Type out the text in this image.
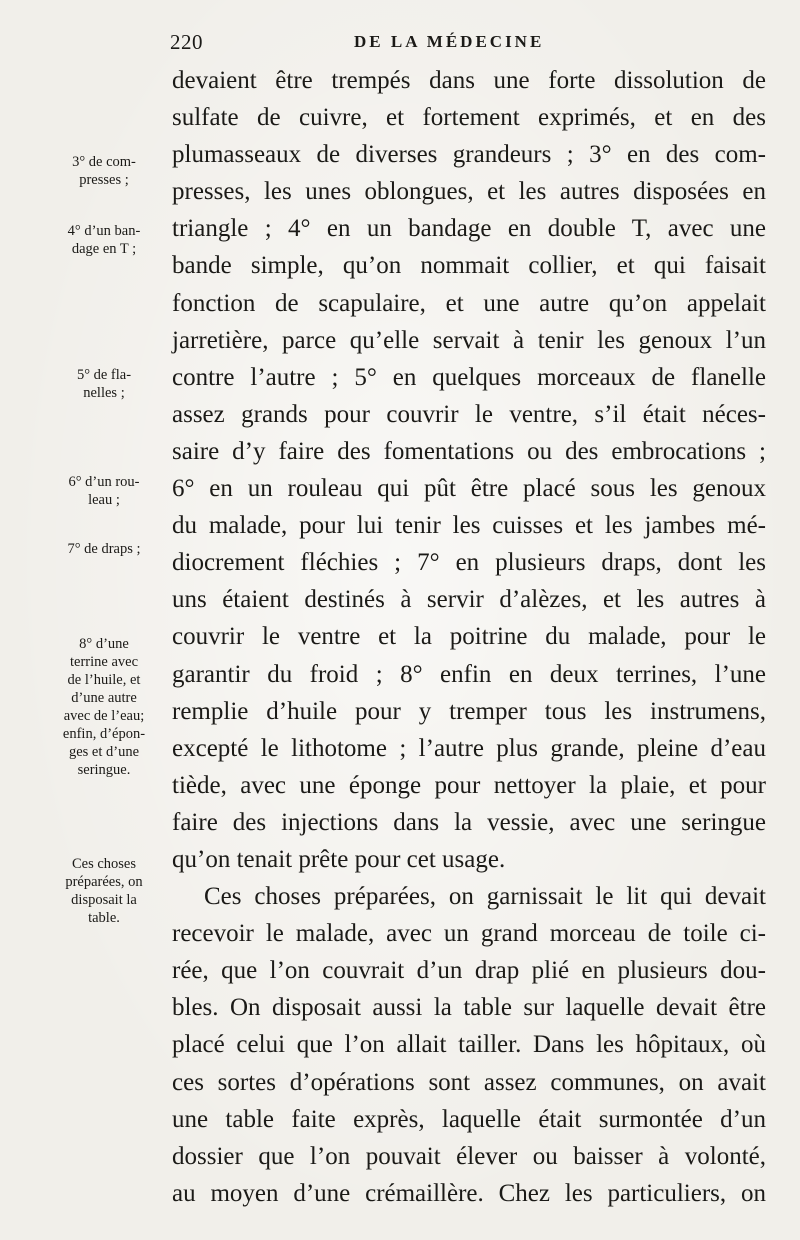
220	DE LA MÉDECINE
devaient être trempés dans une forte dissolution de
sulfate de cuivre, et fortement exprimés, et en des
plumasseaux de diverses grandeurs ; 3° en des com-
presses, les unes oblongues, et les autres disposées en
triangle ; 4° en un bandage en double T, avec une
bande simple, qu’on nommait collier, et qui faisait
fonction de scapulaire, et une autre qu’on appelait
jarretière, parce qu’elle servait à tenir les genoux l’un
contre l’autre ; 5° en quelques morceaux de flanelle
assez grands pour couvrir le ventre, s’il était néces-
saire d’y faire des fomentations ou des embrocations ;
6° en un rouleau qui pût être placé sous les genoux
du malade, pour lui tenir les cuisses et les jambes mé-
diocrement fléchies ; 7° en plusieurs draps, dont les
uns étaient destinés à servir d’alèzes, et les autres à
couvrir le ventre et la poitrine du malade, pour le
garantir du froid ; 8° enfin en deux terrines, l’une
remplie d’huile pour y tremper tous les instrumens,
excepté le lithotome ; l’autre plus grande, pleine d’eau
tiède, avec une éponge pour nettoyer la plaie, et pour
faire des injections dans la vessie, avec une seringue
qu’on tenait prête pour cet usage.
Ces choses préparées, on garnissait le lit qui devait
recevoir le malade, avec un grand morceau de toile ci-
rée, que l’on couvrait d’un drap plié en plusieurs dou-
bles. On disposait aussi la table sur laquelle devait être
placé celui que l’on allait tailler. Dans les hôpitaux, où
ces sortes d’opérations sont assez communes, on avait
une table faite exprès, laquelle était surmontée d’un
dossier que l’on pouvait élever ou baisser à volonté,
au moyen d’une crémaillère. Chez les particuliers, on
3° de com-
presses ;
4° d’un ban-
dage en T ;
5° de fla-
nelles ;
6° d’un rou-
leau ;
7° de draps ;
8° d’une
terrine avec
de l’huile, et
d’une autre
avec de l’eau;
enfin, d’épon-
ges et d’une
seringue.
Ces choses
préparées, on
disposait la
table.
